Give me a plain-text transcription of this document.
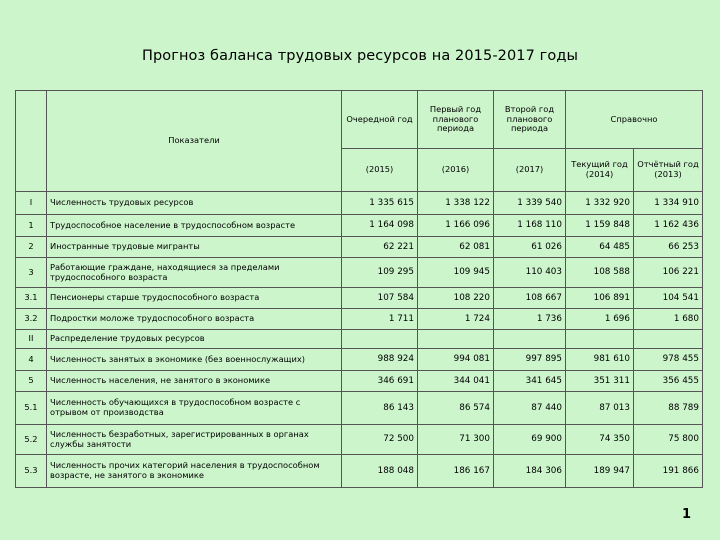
Прогноз баланса трудовых ресурсов на 2015-2017 годы
	Показатели	Очередной год	Первый год планового периода	Второй год планового периода	Справочно	
		(2015)	(2016)	(2017)	Текущий год (2014)	Отчётный год (2013)
I	Численность трудовых ресурсов	1 335 615	1 338 122	1 339 540	1 332 920	1 334 910
1	Трудоспособное население в трудоспособном возрасте	1 164 098	1 166 096	1 168 110	1 159 848	1 162 436
2	Иностранные трудовые мигранты	62 221	62 081	61 026	64 485	66 253
3	Работающие граждане, находящиеся за пределами трудоспособного возраста	109 295	109 945	110 403	108 588	106 221
3.1	Пенсионеры старше трудоспособного возраста	107 584	108 220	108 667	106 891	104 541
3.2	Подростки моложе трудоспособного возраста	1 711	1 724	1 736	1 696	1 680
II	Распределение трудовых ресурсов					
4	Численность занятых в экономике (без военнослужащих)	988 924	994 081	997 895	981 610	978 455
5	Численность населения, не занятого в экономике	346 691	344 041	341 645	351 311	356 455
5.1	Численность обучающихся в трудоспособном возрасте с отрывом от производства	86 143	86 574	87 440	87 013	88 789
5.2	Численность безработных, зарегистрированных в органах службы занятости	72 500	71 300	69 900	74 350	75 800
5.3	Численность прочих категорий населения в трудоспособном возрасте, не занятого в экономике	188 048	186 167	184 306	189 947	191 866
1
